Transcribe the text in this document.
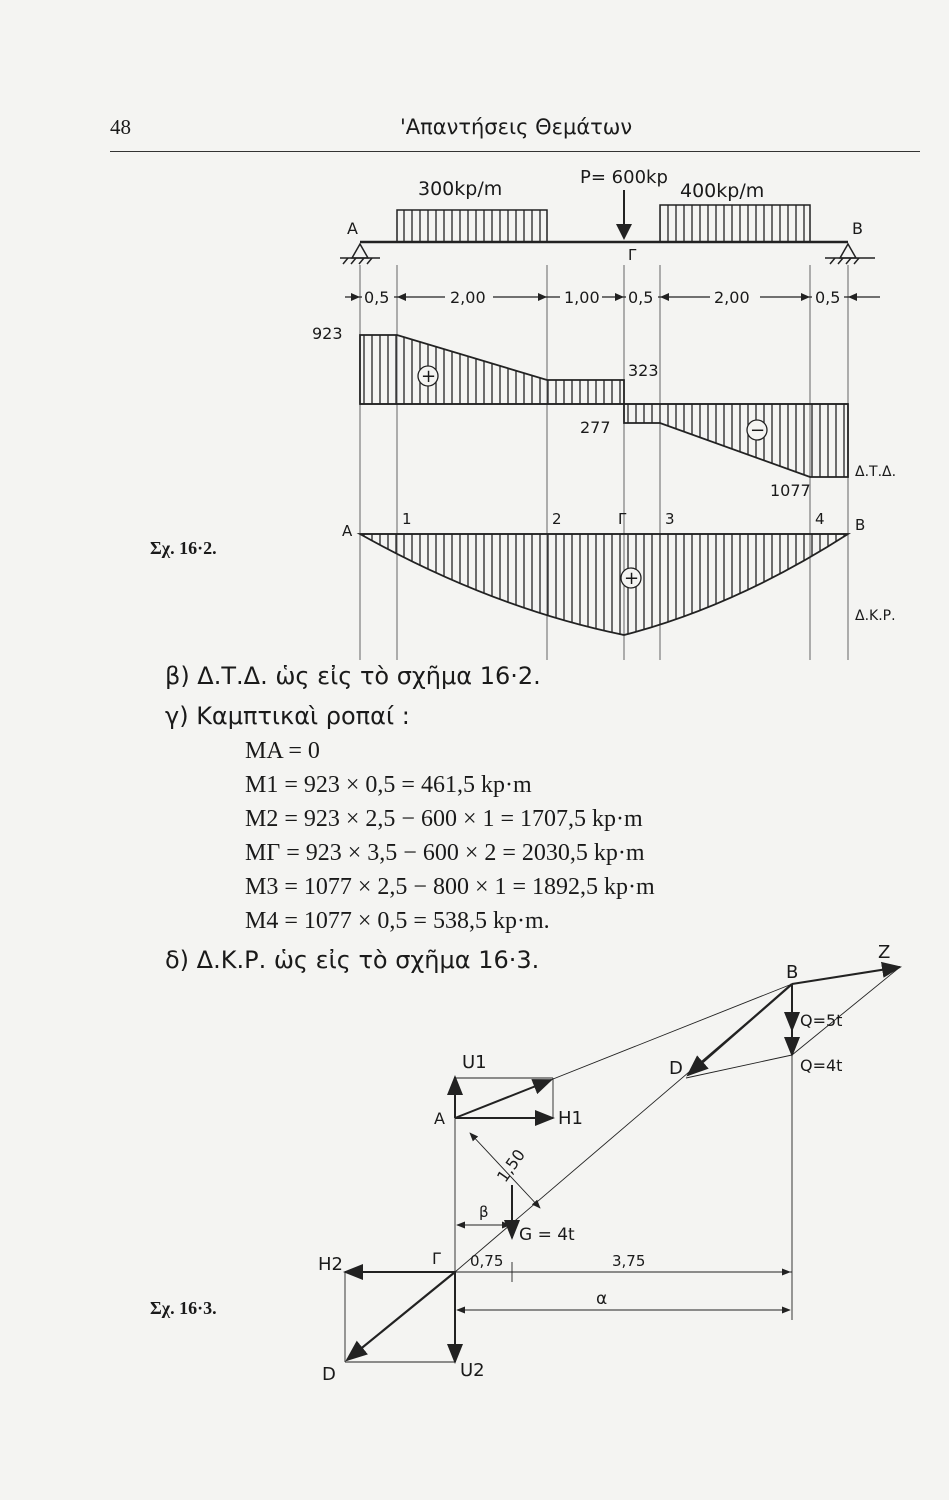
48	'Απαντήσεις Θεμάτων
300kp/m
P= 600kp
400kp/m
A	B
Γ
0,5	2,00	1,00 0,5	2,00	0,5
+
−
923
323
277
1077
Δ.Τ.Δ.
+
A
1	2	Γ	3	4 B
Δ.Κ.Ρ.
Σχ. 16·2.
β) Δ.Τ.Δ. ὡς εἰς τὸ σχῆμα 16·2.
γ) Καμπτικαὶ ροπαί :
MA = 0
M1 = 923 × 0,5 = 461,5 kp·m
M2 = 923 × 2,5 − 600 × 1 = 1707,5 kp·m
MΓ = 923 × 3,5 − 600 × 2 = 2030,5 kp·m
M3 = 1077 × 2,5 − 800 × 1 = 1892,5 kp·m
M4 = 1077 × 0,5 = 538,5 kp·m.
δ) Δ.Κ.Ρ. ὡς εἰς τὸ σχῆμα 16·3.	B
Z
Q=5t
Q=4t
D
U1
A	H1
1,50
β
G = 4t
H2	Γ 0,75	3,75
α
D	U2
Σχ. 16·3.
